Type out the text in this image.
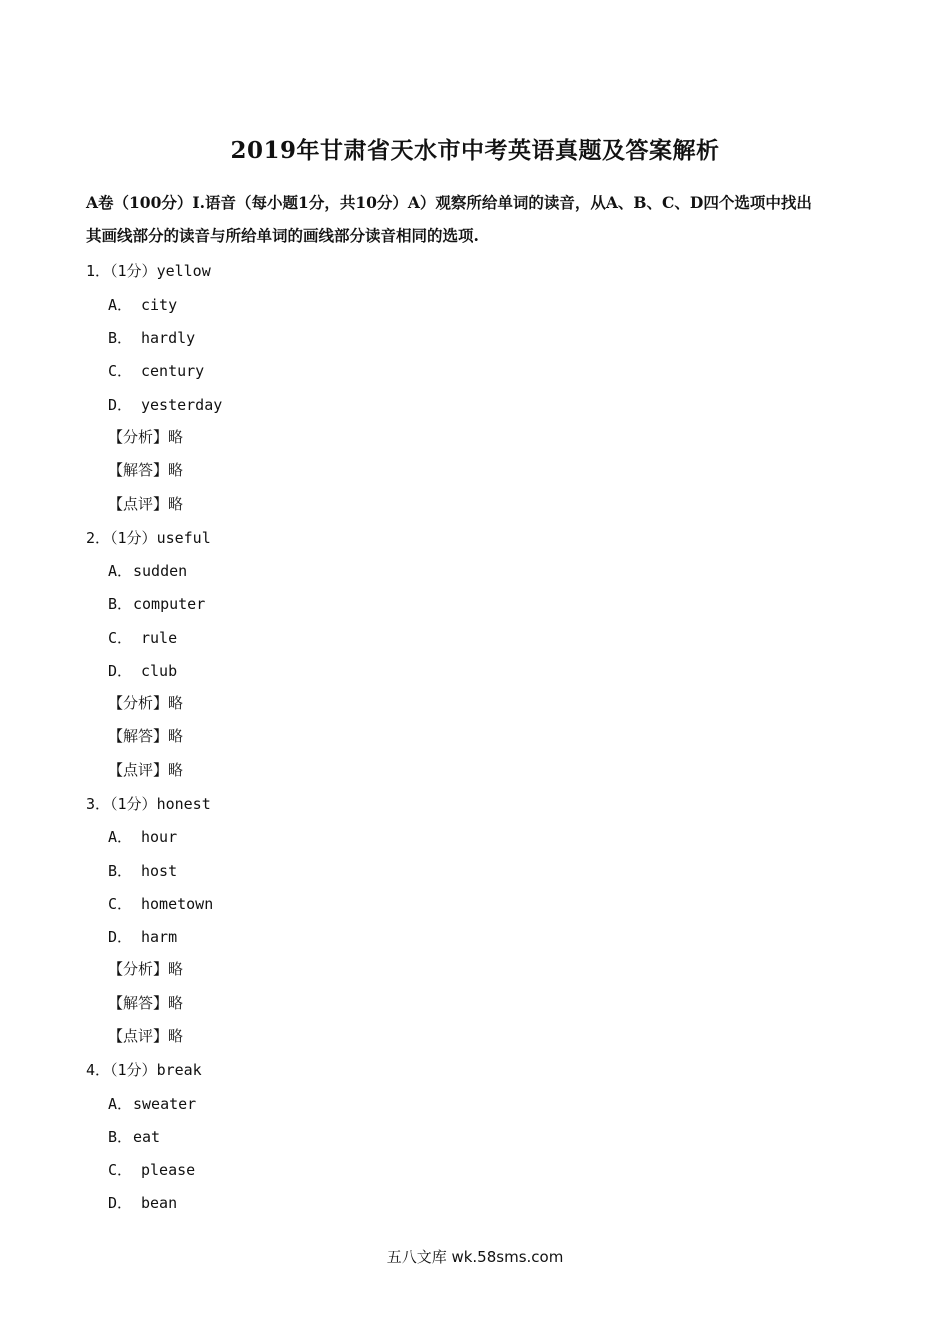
2019年甘肃省天水市中考英语真题及答案解析
A卷（100分）Ⅰ.语音（每小题1分，共10分）A）观察所给单词的读音，从A、B、C、D四个选项中找出
其画线部分的读音与所给单词的画线部分读音相同的选项.
1．（1分）yellow
A． city
B． hardly
C． century
D． yesterday
【分析】略
【解答】略
【点评】略
2．（1分）useful
A．sudden
B．computer
C． rule
D． club
【分析】略
【解答】略
【点评】略
3．（1分）honest
A． hour
B． host
C． hometown
D． harm
【分析】略
【解答】略
【点评】略
4．（1分）break
A．sweater
B．eat
C． please
D． bean
五八文库 wk.58sms.com
